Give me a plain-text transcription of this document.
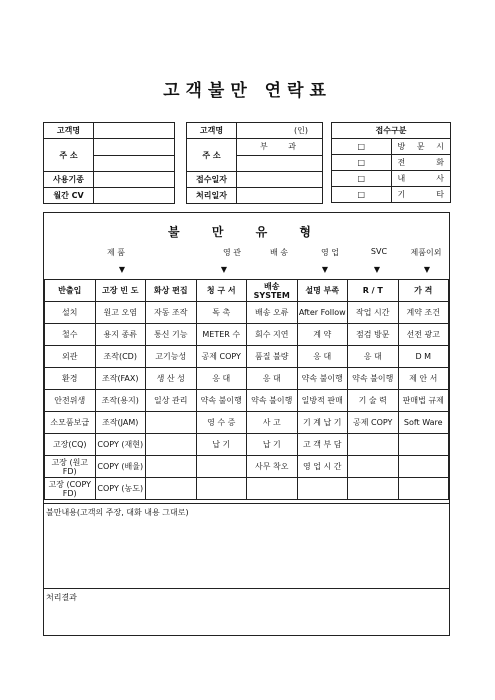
고객불만 연락표
고객명	
주 소	

사용기종	
월간 CV	
고객명	(인)
주 소	부 과

접수일자	
처리일자	
접수구분	
□	방 문 시

□	전 화

□	내 사

□	기 타
불 만 유 형
제 품	영 관	배 송	영 업	SVC	제품이외
▼	▼	▼	▼	▼
반출입	고장 빈 도	화상 편집	청 구 서	배송 SYSTEM	설명 부족	R / T	가 격
설치	원고 오염	자동 조작	독 촉	배송 오류	After Follow	작업 시간	계약 조건
철수	용지 종류	통신 기능	METER 수	회수 지연	계 약	점검 방문	선전 광고
외관	조작(CD)	고기능성	공제 COPY	품질 불량	응 대	응 대	D M
환경	조작(FAX)	생 산 성	응 대	응 대	약속 불이행	약속 불이행	제 안 서
안전위생	조작(용지)	일상 관리	약속 불이행	약속 불이행	일방적 판매	기 술 력	판매법 규제
소모품보급	조작(JAM)		영 수 증	사 고	기 계 납 기	공제 COPY	Soft Ware
고장(CQ)	COPY (재현)		납 기	납 기	고 객 부 담		
고장 (원고 FD)	COPY (배율)			사무 착오	영 업 시 간		
고장 (COPY FD)	COPY (농도)						
불만내용(고객의 주장, 대화 내용 그대로)
처리결과
